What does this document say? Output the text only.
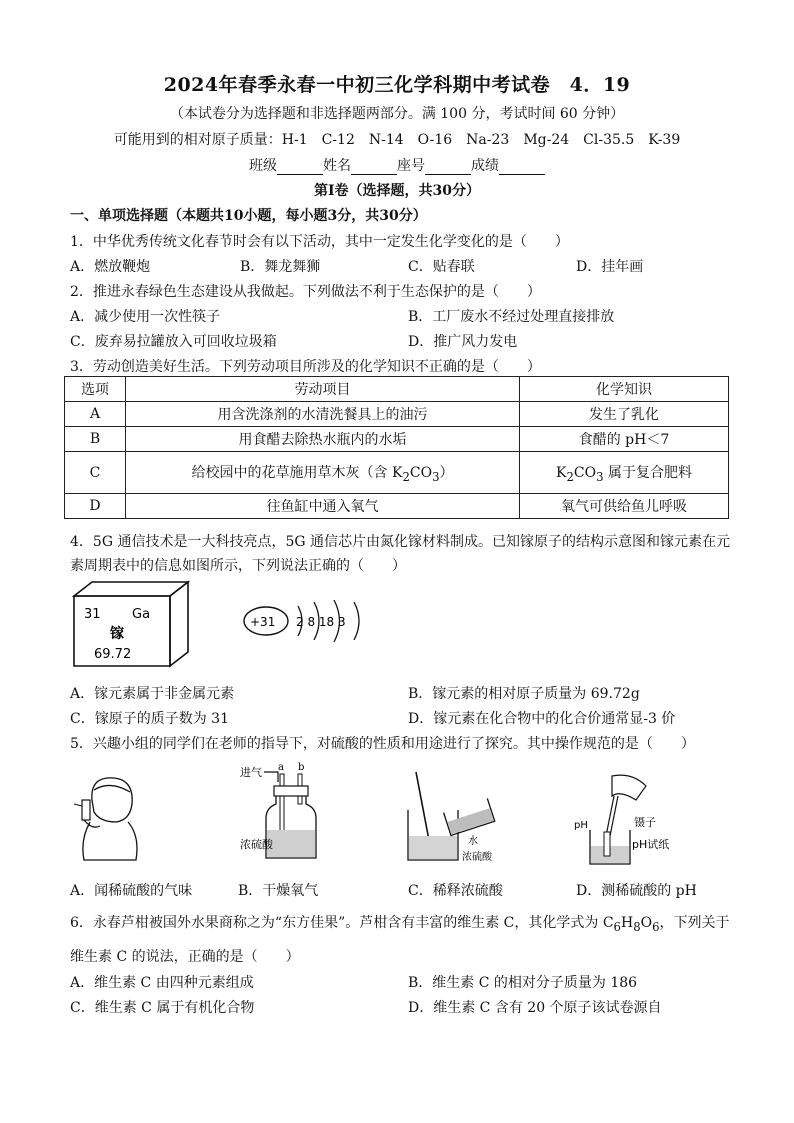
2024年春季永春一中初三化学科期中考试卷　4．19
（本试卷分为选择题和非选择题两部分。满 100 分，考试时间 60 分钟）
可能用到的相对原子质量：H-1　C-12　N-14　O-16　Na-23　Mg-24　Cl-35.5　K-39
班级	姓名	座号	成绩
第Ⅰ卷（选择题，共30分）
一、单项选择题（本题共10小题，每小题3分，共30分）
1．中华优秀传统文化春节时会有以下活动，其中一定发生化学变化的是（　　）
A．燃放鞭炮	B．舞龙舞狮	C．贴春联	D．挂年画
2．推进永春绿色生态建设从我做起。下列做法不利于生态保护的是（　　）
A．减少使用一次性筷子	B．工厂废水不经过处理直接排放
C．废弃易拉罐放入可回收垃圾箱	D．推广风力发电
3．劳动创造美好生活。下列劳动项目所涉及的化学知识不正确的是（　　）
选项	劳动项目	化学知识
A	用含洗涤剂的水清洗餐具上的油污	发生了乳化
B	用食醋去除热水瓶内的水垢	食醋的 pH＜7
C	给校园中的花草施用草木灰（含 $K_2CO_3$）	$K_2CO_3$ 属于复合肥料
D	往鱼缸中通入氧气	氧气可供给鱼儿呼吸
4．5G 通信技术是一大科技亮点，5G 通信芯片由氮化镓材料制成。已知镓原子的结构示意图和镓元素在元
素周期表中的信息如图所示，下列说法正确的（　　）
31 Ga
镓
69.72
+31 2 8 18 3
A．镓元素属于非金属元素	B．镓元素的相对原子质量为 69.72g
C．镓原子的质子数为 31	D．镓元素在化合物中的化合价通常显-3 价
5．兴趣小组的同学们在老师的指导下，对硫酸的性质和用途进行了探究。其中操作规范的是（　　）
进气 a b
浓硫酸	水
浓硫酸
镊子
pH
pH试纸
A．闻稀硫酸的气味	B．干燥氧气	C．稀释浓硫酸	D．测稀硫酸的 pH
6．永春芦柑被国外水果商称之为“东方佳果”。芦柑含有丰富的维生素 C，其化学式为 $C_6H_8O_6$，下列关于
维生素 C 的说法，正确的是（　　）
A．维生素 C 由四种元素组成	B．维生素 C 的相对分子质量为 186
C．维生素 C 属于有机化合物	D．维生素 C 含有 20 个原子该试卷源自
